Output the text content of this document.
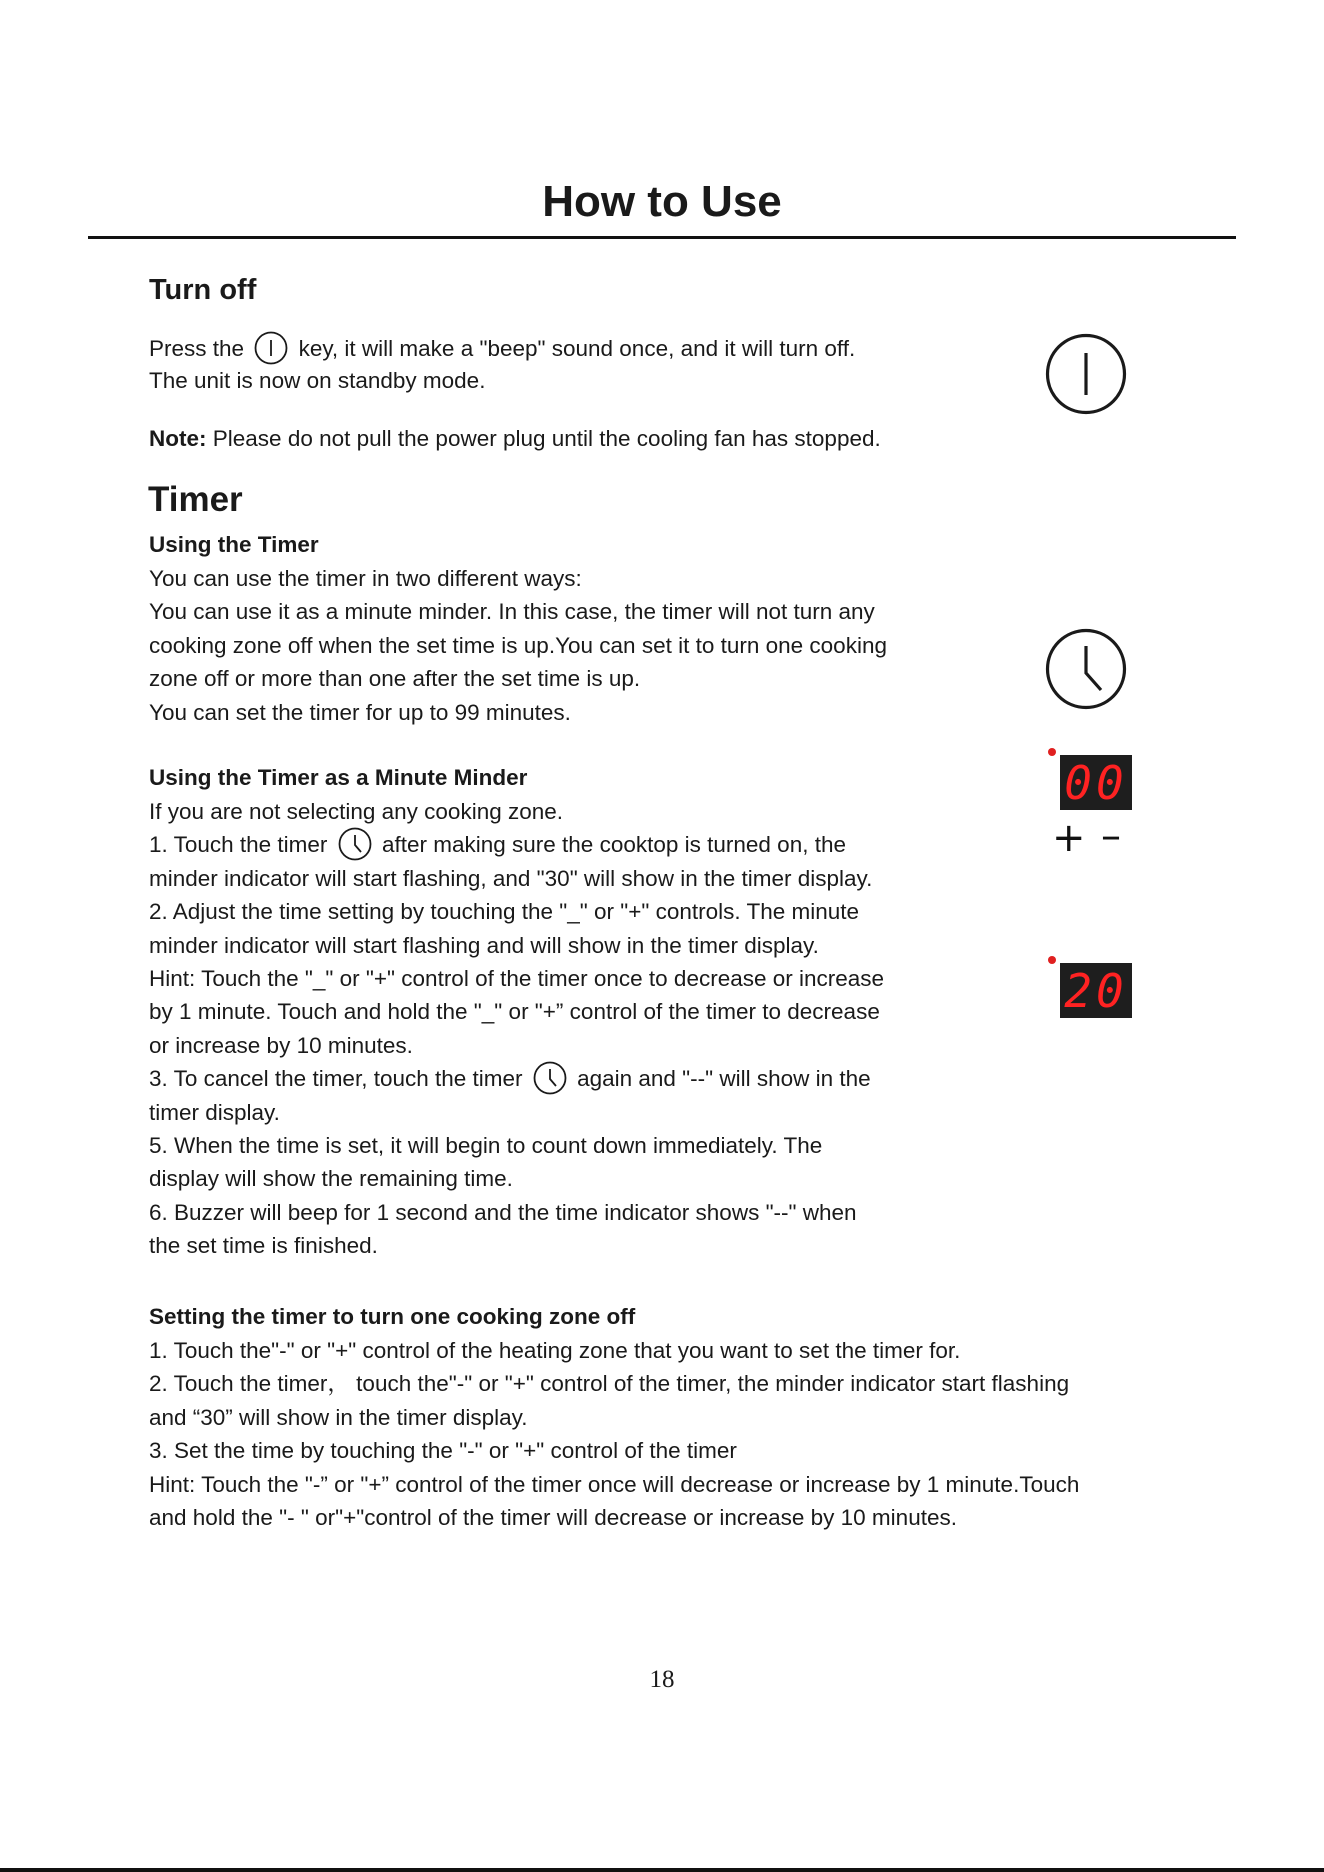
How to Use
Turn off
Press the key, it will make a "beep" sound once, and it will turn off.
The unit is now on standby mode.
Note: Please do not pull the power plug until the cooling fan has stopped.
Timer
Using the Timer
You can use the timer in two different ways:
You can use it as a minute minder. In this case, the timer will not turn any
cooking zone off when the set time is up.You can set it to turn one cooking
zone off or more than one after the set time is up.
You can set the timer for up to 99 minutes.
Using the Timer as a Minute Minder
If you are not selecting any cooking zone.
1. Touch the timer after making sure the cooktop is turned on, the
minder indicator will start flashing, and "30" will show in the timer display.
2. Adjust the time setting by touching the "_" or "+" controls. The minute
minder indicator will start flashing and will show in the timer display.
Hint: Touch the "_" or "+" control of the timer once to decrease or increase
by 1 minute. Touch and hold the "_" or "+” control of the timer to decrease
or increase by 10 minutes.
3. To cancel the timer, touch the timer again and "--" will show in the
timer display.
5. When the time is set, it will begin to count down immediately. The
display will show the remaining time.
6. Buzzer will beep for 1 second and the time indicator shows "--" when
the set time is finished.
00
+ –
20
Setting the timer to turn one cooking zone off
1. Touch the"-" or "+" control of the heating zone that you want to set the timer for.
2. Touch the timer， touch the"-" or "+" control of the timer, the minder indicator start flashing
and “30” will show in the timer display.
3. Set the time by touching the "-" or "+" control of the timer
Hint: Touch the "-” or "+” control of the timer once will decrease or increase by 1 minute.Touch
and hold the "- " or"+"control of the timer will decrease or increase by 10 minutes.
18
